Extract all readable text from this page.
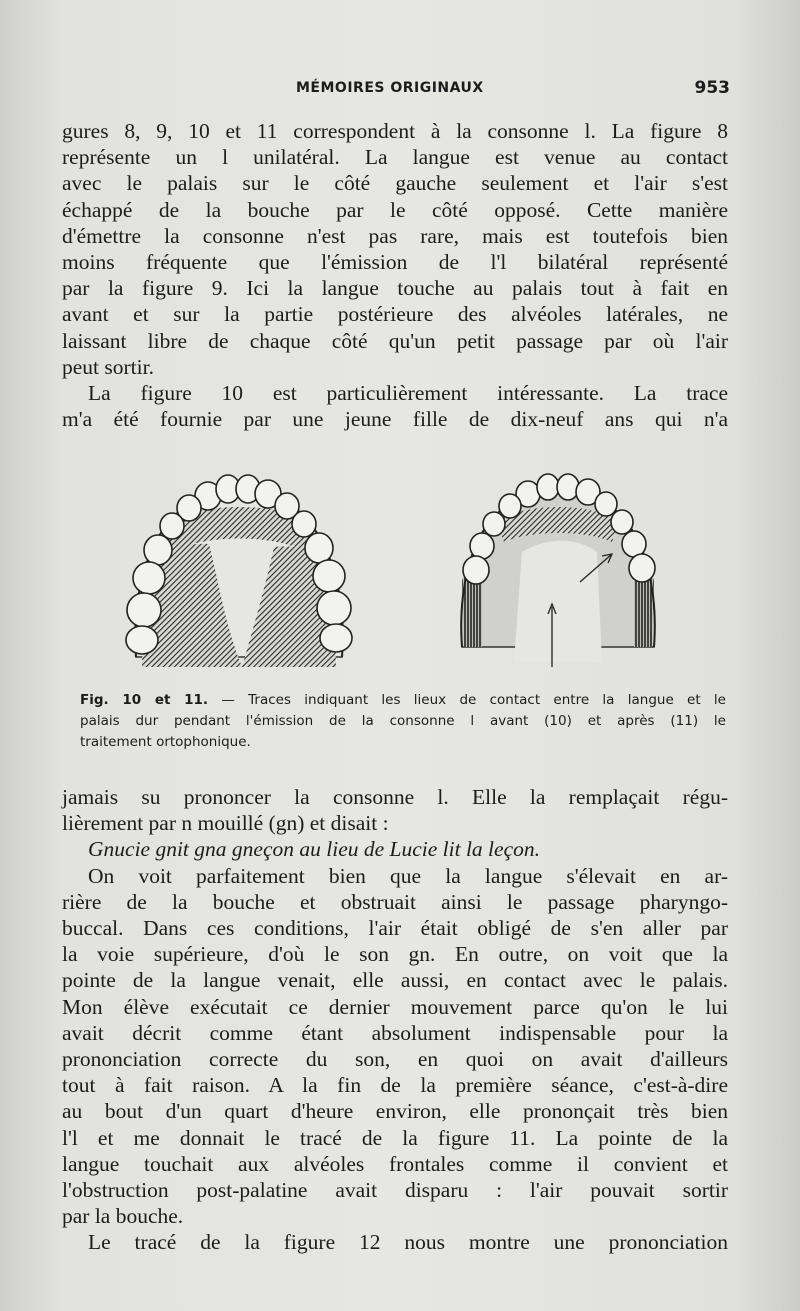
MÉMOIRES ORIGINAUX	953
gures 8, 9, 10 et 11 correspondent à la consonne l. La figure 8
représente un l unilatéral. La langue est venue au contact
avec le palais sur le côté gauche seulement et l'air s'est
échappé de la bouche par le côté opposé. Cette manière
d'émettre la consonne n'est pas rare, mais est toutefois bien
moins fréquente que l'émission de l'l bilatéral représenté
par la figure 9. Ici la langue touche au palais tout à fait en
avant et sur la partie postérieure des alvéoles latérales, ne
laissant libre de chaque côté qu'un petit passage par où l'air
peut sortir.
La figure 10 est particulièrement intéressante. La trace
m'a été fournie par une jeune fille de dix-neuf ans qui n'a
Fig. 10 et 11. — Traces indiquant les lieux de contact entre la langue et le
palais dur pendant l'émission de la consonne l avant (10) et après (11) le
traitement ortophonique.
jamais su prononcer la consonne l. Elle la remplaçait régu-
lièrement par n mouillé (gn) et disait :
Gnucie gnit gna gneçon au lieu de Lucie lit la leçon.
On voit parfaitement bien que la langue s'élevait en ar-
rière de la bouche et obstruait ainsi le passage pharyngo-
buccal. Dans ces conditions, l'air était obligé de s'en aller par
la voie supérieure, d'où le son gn. En outre, on voit que la
pointe de la langue venait, elle aussi, en contact avec le palais.
Mon élève exécutait ce dernier mouvement parce qu'on le lui
avait décrit comme étant absolument indispensable pour la
prononciation correcte du son, en quoi on avait d'ailleurs
tout à fait raison. A la fin de la première séance, c'est-à-dire
au bout d'un quart d'heure environ, elle prononçait très bien
l'l et me donnait le tracé de la figure 11. La pointe de la
langue touchait aux alvéoles frontales comme il convient et
l'obstruction post-palatine avait disparu : l'air pouvait sortir
par la bouche.
Le tracé de la figure 12 nous montre une prononciation
